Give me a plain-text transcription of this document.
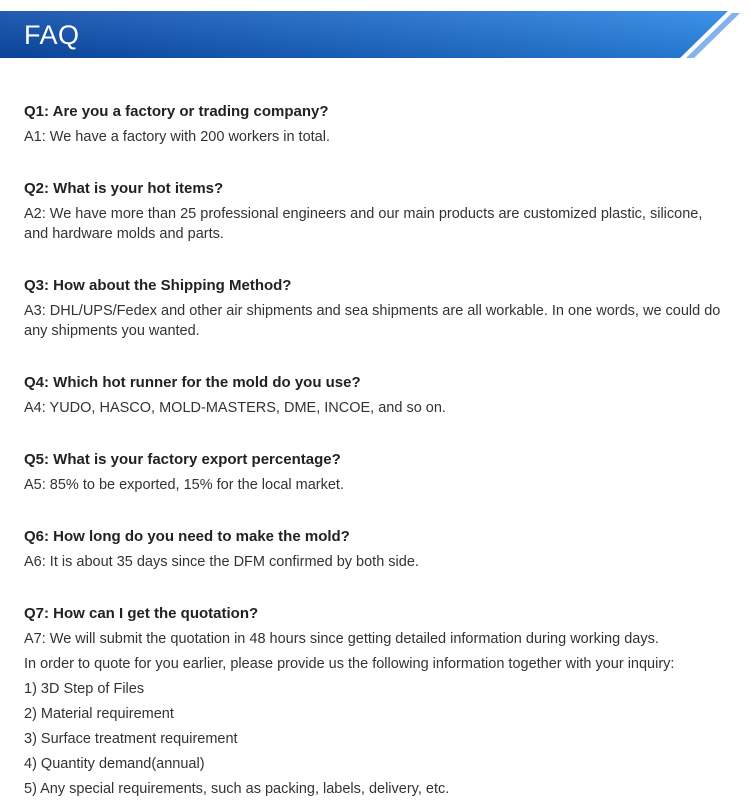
FAQ

Q1: Are you a factory or trading company?

A1: We have a factory with 200 workers in total.

Q2: What is your hot items?

A2: We have more than 25 professional engineers and our main products are customized plastic, silicone, and hardware molds and parts.

Q3: How about the Shipping Method?

A3: DHL/UPS/Fedex and other air shipments and sea shipments are all workable. In one words, we could do any shipments you wanted.

Q4: Which hot runner for the mold do you use?

A4: YUDO, HASCO, MOLD-MASTERS, DME, INCOE, and so on.

Q5: What is your factory export percentage?

A5: 85% to be exported, 15% for the local market.

Q6: How long do you need to make the mold?

A6: It is about 35 days since the DFM confirmed by both side.

Q7: How can I get the quotation?

A7: We will submit the quotation in 48 hours since getting detailed information during working days.

In order to quote for you earlier, please provide us the following information together with your inquiry:

1) 3D Step of Files

2) Material requirement

3) Surface treatment requirement

4) Quantity demand(annual)

5) Any special requirements, such as packing, labels, delivery, etc.
